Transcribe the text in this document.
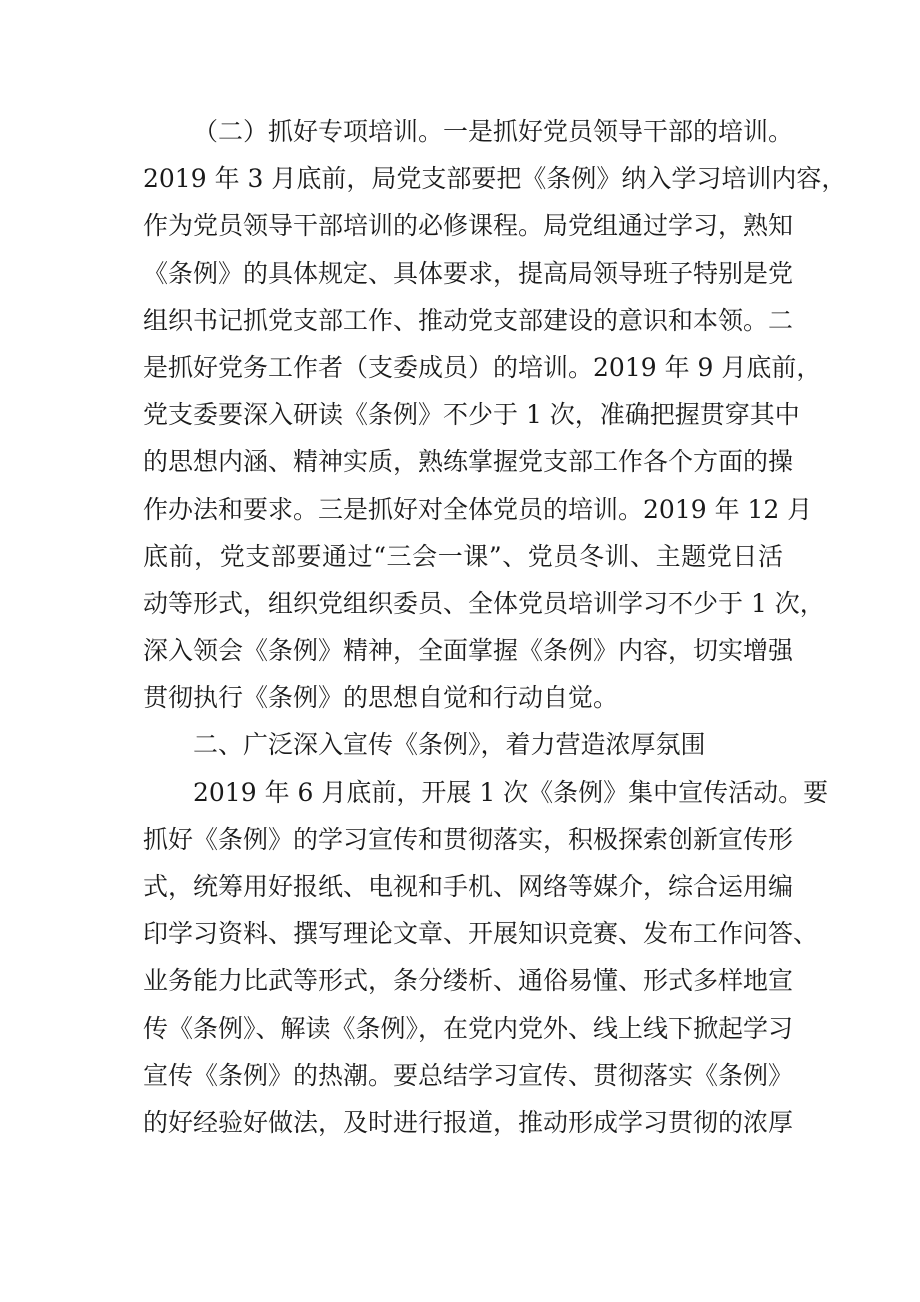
（二）抓好专项培训。一是抓好党员领导干部的培训。
2019 年 3 月底前，局党支部要把《条例》纳入学习培训内容，
作为党员领导干部培训的必修课程。局党组通过学习，熟知
《条例》的具体规定、具体要求，提高局领导班子特别是党
组织书记抓党支部工作、推动党支部建设的意识和本领。二
是抓好党务工作者（支委成员）的培训。2019 年 9 月底前，
党支委要深入研读《条例》不少于 1 次，准确把握贯穿其中
的思想内涵、精神实质，熟练掌握党支部工作各个方面的操
作办法和要求。三是抓好对全体党员的培训。2019 年 12 月
底前，党支部要通过“三会一课”、党员冬训、主题党日活
动等形式，组织党组织委员、全体党员培训学习不少于 1 次，
深入领会《条例》精神，全面掌握《条例》内容，切实增强
贯彻执行《条例》的思想自觉和行动自觉。
二、广泛深入宣传《条例》，着力营造浓厚氛围
2019 年 6 月底前，开展 1 次《条例》集中宣传活动。要
抓好《条例》的学习宣传和贯彻落实，积极探索创新宣传形
式，统筹用好报纸、电视和手机、网络等媒介，综合运用编
印学习资料、撰写理论文章、开展知识竞赛、发布工作问答、
业务能力比武等形式，条分缕析、通俗易懂、形式多样地宣
传《条例》、解读《条例》，在党内党外、线上线下掀起学习
宣传《条例》的热潮。要总结学习宣传、贯彻落实《条例》
的好经验好做法，及时进行报道，推动形成学习贯彻的浓厚
